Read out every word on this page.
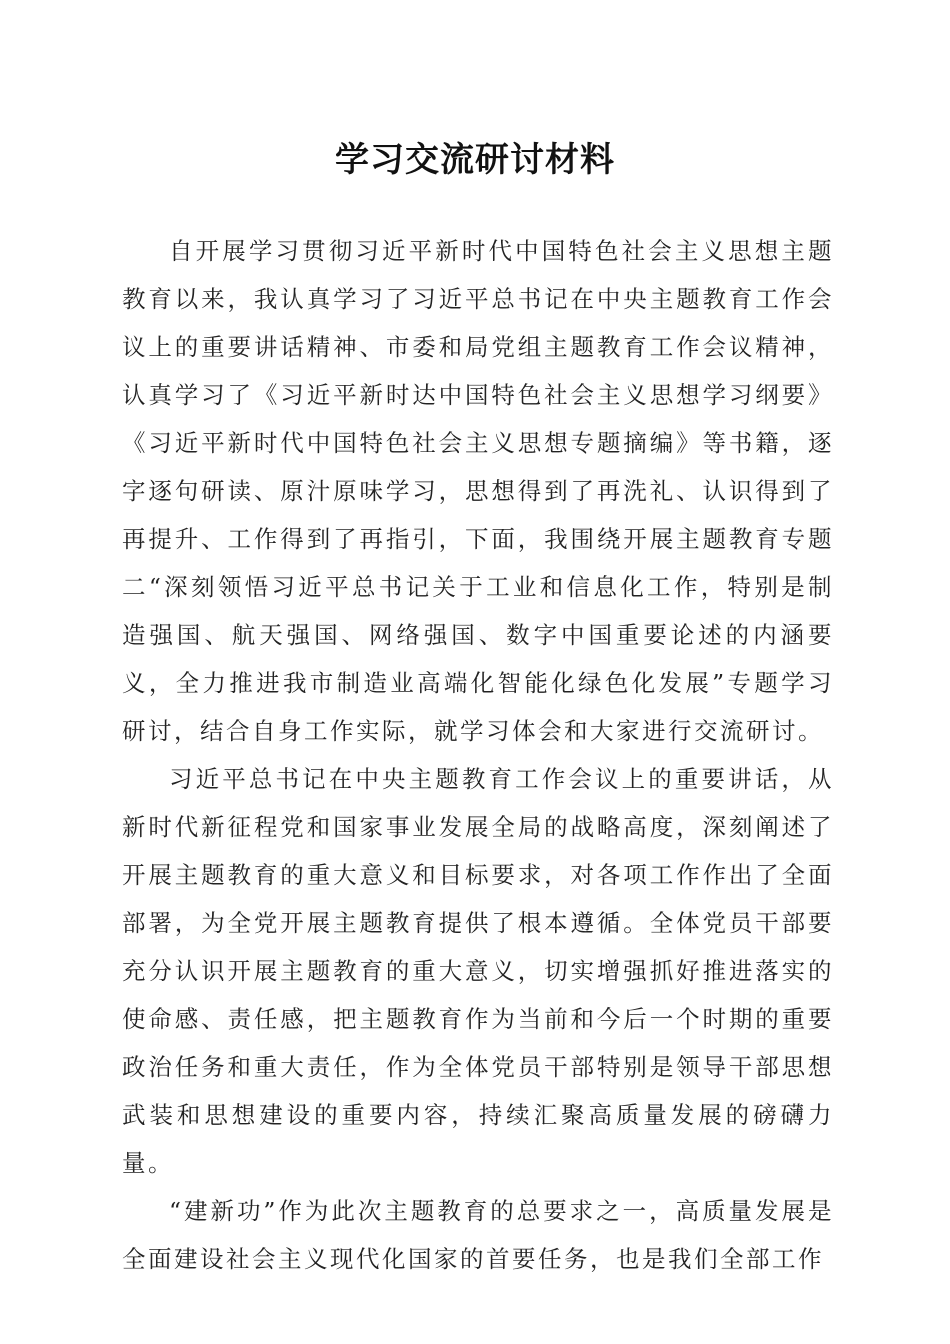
学习交流研讨材料

自开展学习贯彻习近平新时代中国特色社会主义思想主题教育以来，我认真学习了习近平总书记在中央主题教育工作会议上的重要讲话精神、市委和局党组主题教育工作会议精神，认真学习了《习近平新时达中国特色社会主义思想学习纲要》《习近平新时代中国特色社会主义思想专题摘编》等书籍，逐字逐句研读、原汁原味学习，思想得到了再洗礼、认识得到了再提升、工作得到了再指引，下面，我围绕开展主题教育专题二“深刻领悟习近平总书记关于工业和信息化工作，特别是制造强国、航天强国、网络强国、数字中国重要论述的内涵要义，全力推进我市制造业高端化智能化绿色化发展”专题学习研讨，结合自身工作实际，就学习体会和大家进行交流研讨。

习近平总书记在中央主题教育工作会议上的重要讲话，从新时代新征程党和国家事业发展全局的战略高度，深刻阐述了开展主题教育的重大意义和目标要求，对各项工作作出了全面部署，为全党开展主题教育提供了根本遵循。全体党员干部要充分认识开展主题教育的重大意义，切实增强抓好推进落实的使命感、责任感，把主题教育作为当前和今后一个时期的重要政治任务和重大责任，作为全体党员干部特别是领导干部思想武装和思想建设的重要内容，持续汇聚高质量发展的磅礴力量。

“建新功”作为此次主题教育的总要求之一，高质量发展是全面建设社会主义现代化国家的首要任务，也是我们全部工作
